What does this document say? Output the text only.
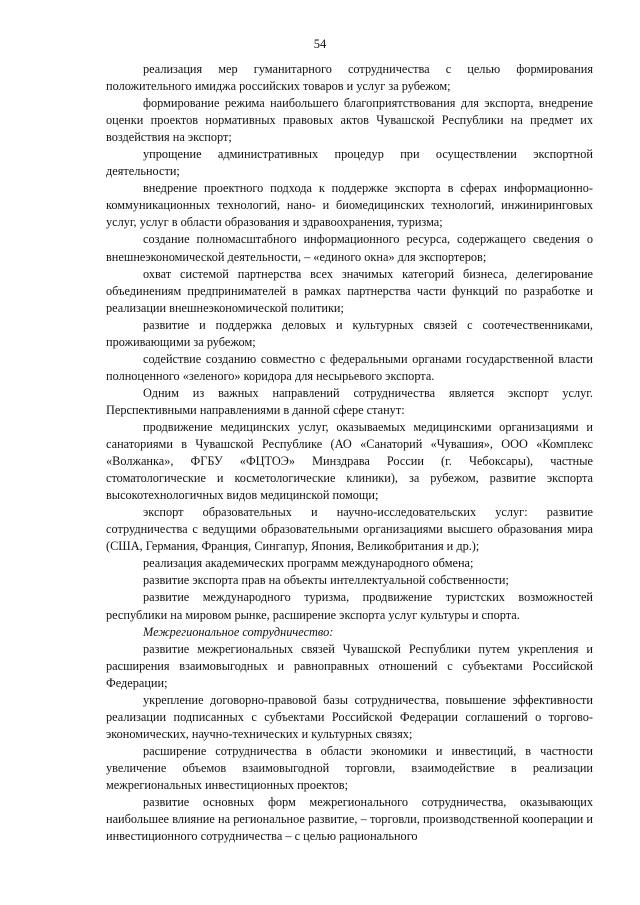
54

реализация мер гуманитарного сотрудничества с целью формирования положительного имиджа российских товаров и услуг за рубежом;

формирование режима наибольшего благоприятствования для экспорта, внедрение оценки проектов нормативных правовых актов Чувашской Республики на предмет их воздействия на экспорт;

упрощение административных процедур при осуществлении экспортной деятельности;

внедрение проектного подхода к поддержке экспорта в сферах информационно-коммуникационных технологий, нано- и биомедицинских технологий, инжиниринговых услуг, услуг в области образования и здравоохранения, туризма;

создание полномасштабного информационного ресурса, содержащего сведения о внешнеэкономической деятельности, – «единого окна» для экспортеров;

охват системой партнерства всех значимых категорий бизнеса, делегирование объединениям предпринимателей в рамках партнерства части функций по разработке и реализации внешнеэкономической политики;

развитие и поддержка деловых и культурных связей с соотечественниками, проживающими за рубежом;

содействие созданию совместно с федеральными органами государственной власти полноценного «зеленого» коридора для несырьевого экспорта.

Одним из важных направлений сотрудничества является экспорт услуг. Перспективными направлениями в данной сфере станут:

продвижение медицинских услуг, оказываемых медицинскими организациями и санаториями в Чувашской Республике (АО «Санаторий «Чувашия», ООО «Комплекс «Волжанка», ФГБУ «ФЦТОЭ» Минздрава России (г. Чебоксары), частные стоматологические и косметологические клиники), за рубежом, развитие экспорта высокотехнологичных видов медицинской помощи;

экспорт образовательных и научно-исследовательских услуг: развитие сотрудничества с ведущими образовательными организациями высшего образования мира (США, Германия, Франция, Сингапур, Япония, Великобритания и др.);

реализация академических программ международного обмена;

развитие экспорта прав на объекты интеллектуальной собственности;

развитие международного туризма, продвижение туристских возможностей республики на мировом рынке, расширение экспорта услуг культуры и спорта.

Межрегиональное сотрудничество:

развитие межрегиональных связей Чувашской Республики путем укрепления и расширения взаимовыгодных и равноправных отношений с субъектами Российской Федерации;

укрепление договорно-правовой базы сотрудничества, повышение эффективности реализации подписанных с субъектами Российской Федерации соглашений о торгово-экономических, научно-технических и культурных связях;

расширение сотрудничества в области экономики и инвестиций, в частности увеличение объемов взаимовыгодной торговли, взаимодействие в реализации межрегиональных инвестиционных проектов;

развитие основных форм межрегионального сотрудничества, оказывающих наибольшее влияние на региональное развитие, – торговли, производственной кооперации и инвестиционного сотрудничества – с целью рационального
